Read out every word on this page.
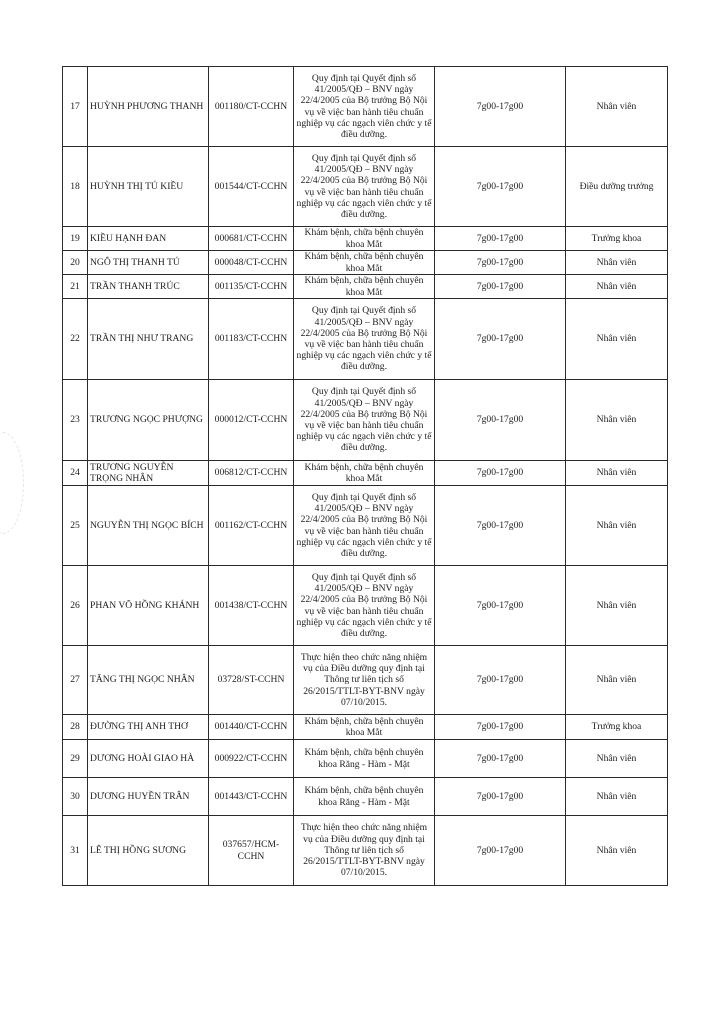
17	HUỲNH PHƯƠNG THANH	001180/CT-CCHN	Quy định tại Quyết định số 41/2005/QĐ – BNV ngày 22/4/2005 của Bộ trưởng Bộ Nội vụ về việc ban hành tiêu chuẩn nghiệp vụ các ngạch viên chức y tế điều dưỡng.	7g00-17g00	Nhân viên
18	HUỲNH THỊ TÚ KIỀU	001544/CT-CCHN	Quy định tại Quyết định số 41/2005/QĐ – BNV ngày 22/4/2005 của Bộ trưởng Bộ Nội vụ về việc ban hành tiêu chuẩn nghiệp vụ các ngạch viên chức y tế điều dưỡng.	7g00-17g00	Điều dưỡng trưởng
19	KIỀU HẠNH ĐAN	000681/CT-CCHN	Khám bệnh, chữa bệnh chuyên khoa Mắt	7g00-17g00	Trưởng khoa
20	NGÔ THỊ THANH TÚ	000048/CT-CCHN	Khám bệnh, chữa bệnh chuyên khoa Mắt	7g00-17g00	Nhân viên
21	TRẦN THANH TRÚC	001135/CT-CCHN	Khám bệnh, chữa bệnh chuyên khoa Mắt	7g00-17g00	Nhân viên
22	TRẦN THỊ NHƯ TRANG	001183/CT-CCHN	Quy định tại Quyết định số 41/2005/QĐ – BNV ngày 22/4/2005 của Bộ trưởng Bộ Nội vụ về việc ban hành tiêu chuẩn nghiệp vụ các ngạch viên chức y tế điều dưỡng.	7g00-17g00	Nhân viên
23	TRƯƠNG NGỌC PHƯỢNG	000012/CT-CCHN	Quy định tại Quyết định số 41/2005/QĐ – BNV ngày 22/4/2005 của Bộ trưởng Bộ Nội vụ về việc ban hành tiêu chuẩn nghiệp vụ các ngạch viên chức y tế điều dưỡng.	7g00-17g00	Nhân viên
24	TRƯƠNG NGUYỄN TRỌNG NHÂN	006812/CT-CCHN	Khám bệnh, chữa bệnh chuyên khoa Mắt	7g00-17g00	Nhân viên
25	NGUYỄN THỊ NGỌC BÍCH	001162/CT-CCHN	Quy định tại Quyết định số 41/2005/QĐ – BNV ngày 22/4/2005 của Bộ trưởng Bộ Nội vụ về việc ban hành tiêu chuẩn nghiệp vụ các ngạch viên chức y tế điều dưỡng.	7g00-17g00	Nhân viên
26	PHAN VÕ HỒNG KHÁNH	001438/CT-CCHN	Quy định tại Quyết định số 41/2005/QĐ – BNV ngày 22/4/2005 của Bộ trưởng Bộ Nội vụ về việc ban hành tiêu chuẩn nghiệp vụ các ngạch viên chức y tế điều dưỡng.	7g00-17g00	Nhân viên
27	TĂNG THỊ NGỌC NHÂN	03728/ST-CCHN	Thực hiện theo chức năng nhiệm vụ của Điều dưỡng quy định tại Thông tư liên tịch số 26/2015/TTLT-BYT-BNV ngày 07/10/2015.	7g00-17g00	Nhân viên
28	ĐƯỜNG THỊ ANH THƠ	001440/CT-CCHN	Khám bệnh, chữa bệnh chuyên khoa Mắt	7g00-17g00	Trưởng khoa
29	DƯƠNG HOÀI GIAO HÀ	000922/CT-CCHN	Khám bệnh, chữa bệnh chuyên khoa Răng - Hàm - Mặt	7g00-17g00	Nhân viên
30	DƯƠNG HUYỀN TRÂN	001443/CT-CCHN	Khám bệnh, chữa bệnh chuyên khoa Răng - Hàm - Mặt	7g00-17g00	Nhân viên
31	LÊ THỊ HỒNG SƯƠNG	037657/HCM-CCHN	Thực hiện theo chức năng nhiệm vụ của Điều dưỡng quy định tại Thông tư liên tịch số 26/2015/TTLT-BYT-BNV ngày 07/10/2015.	7g00-17g00	Nhân viên
